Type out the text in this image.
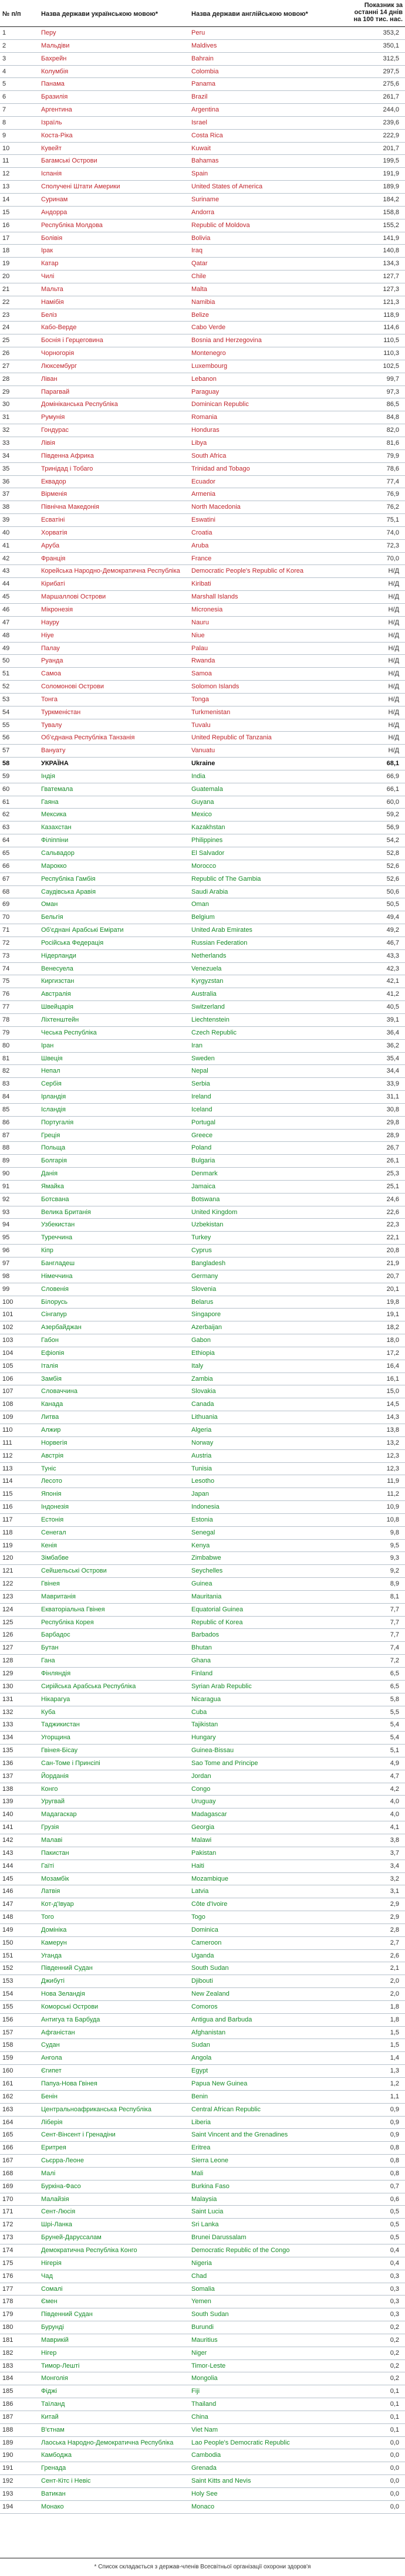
№ п/п	Назва держави українською мовою*	Назва держави англійською мовою*
Показник за останні 14 днів на 100 тис. нас.
1	Перу	Peru	353,2
2	Мальдіви	Maldives	350,1
3	Бахрейн	Bahrain	312,5
4	Колумбія	Colombia	297,5
5	Панама	Panama	275,6
6	Бразилія	Brazil	261,7
7	Аргентина	Argentina	244,0
8	Ізраїль	Israel	239,6
9	Коста-Ріка	Costa Rica	222,9
10	Кувейт	Kuwait	201,7
11	Багамські Острови	Bahamas	199,5
12	Іспанія	Spain	191,9
13	Сполучені Штати Америки	United States of America	189,9
14	Суринам	Suriname	184,2
15	Андорра	Andorra	158,8
16	Республіка Молдова	Republic of Moldova	155,2
17	Болівія	Bolivia	141,9
18	Ірак	Iraq	140,8
19	Катар	Qatar	134,3
20	Чилі	Chile	127,7
21	Мальта	Malta	127,3
22	Намібія	Namibia	121,3
23	Беліз	Belize	118,9
24	Кабо-Верде	Cabo Verde	114,6
25	Боснія і Герцеговина	Bosnia and Herzegovina	110,5
26	Чорногорія	Montenegro	110,3
27	Люксембург	Luxembourg	102,5
28	Ліван	Lebanon	99,7
29	Парагвай	Paraguay	97,3
30	Домініканська Республіка	Dominican Republic	86,5
31	Румунія	Romania	84,8
32	Гондурас	Honduras	82,0
33	Лівія	Libya	81,6
34	Південна Африка	South Africa	79,9
35	Тринідад і Тобаго	Trinidad and Tobago	78,6
36	Еквадор	Ecuador	77,4
37	Вірменія	Armenia	76,9
38	Північна Македонія	North Macedonia	76,2
39	Есватіні	Eswatini	75,1
40	Хорватія	Croatia	74,0
41	Аруба	Aruba	72,3
42	Франція	France	70,0
43	Корейська Народно-Демократична Республіка	Democratic People's Republic of Korea	Н/Д
44	Кірибаті	Kiribati	Н/Д
45	Маршаллові Острови	Marshall Islands	Н/Д
46	Мікронезія	Micronesia	Н/Д
47	Науру	Nauru	Н/Д
48	Ніуе	Niue	Н/Д
49	Палау	Palau	Н/Д
50	Руанда	Rwanda	Н/Д
51	Самоа	Samoa	Н/Д
52	Соломонові Острови	Solomon Islands	Н/Д
53	Тонга	Tonga	Н/Д
54	Туркменістан	Turkmenistan	Н/Д
55	Тувалу	Tuvalu	Н/Д
56	Об'єднана Республіка Танзанія	United Republic of Tanzania	Н/Д
57	Вануату	Vanuatu	Н/Д
58	УКРАЇНА	Ukraine	68,1
59	Індія	India	66,9
60	Гватемала	Guatemala	66,1
61	Гаяна	Guyana	60,0
62	Мексика	Mexico	59,2
63	Казахстан	Kazakhstan	56,9
64	Філіппіни	Philippines	54,2
65	Сальвадор	El Salvador	52,8
66	Марокко	Morocco	52,6
67	Республіка Гамбія	Republic of The Gambia	52,6
68	Саудівська Аравія	Saudi Arabia	50,6
69	Оман	Oman	50,5
70	Бельгія	Belgium	49,4
71	Об'єднані Арабські Емірати	United Arab Emirates	49,2
72	Російська Федерація	Russian Federation	46,7
73	Нідерланди	Netherlands	43,3
74	Венесуела	Venezuela	42,3
75	Киргизстан	Kyrgyzstan	42,1
76	Австралія	Australia	41,2
77	Швейцарія	Switzerland	40,5
78	Ліхтенштейн	Liechtenstein	39,1
79	Чеська Республіка	Czech Republic	36,4
80	Іран	Iran	36,2
81	Швеція	Sweden	35,4
82	Непал	Nepal	34,4
83	Сербія	Serbia	33,9
84	Ірландія	Ireland	31,1
85	Ісландія	Iceland	30,8
86	Португалія	Portugal	29,8
87	Греція	Greece	28,9
88	Польща	Poland	26,7
89	Болгарія	Bulgaria	26,1
90	Данія	Denmark	25,3
91	Ямайка	Jamaica	25,1
92	Ботсвана	Botswana	24,6
93	Велика Британія	United Kingdom	22,6
94	Узбекистан	Uzbekistan	22,3
95	Туреччина	Turkey	22,1
96	Кіпр	Cyprus	20,8
97	Бангладеш	Bangladesh	21,9
98	Німеччина	Germany	20,7
99	Словенія	Slovenia	20,1
100	Білорусь	Belarus	19,8
101	Сінгапур	Singapore	19,1
102	Азербайджан	Azerbaijan	18,2
103	Габон	Gabon	18,0
104	Ефіопія	Ethiopia	17,2
105	Італія	Italy	16,4
106	Замбія	Zambia	16,1
107	Словаччина	Slovakia	15,0
108	Канада	Canada	14,5
109	Литва	Lithuania	14,3
110	Алжир	Algeria	13,8
111	Норвегія	Norway	13,2
112	Австрія	Austria	12,3
113	Туніс	Tunisia	12,3
114	Лесото	Lesotho	11,9
115	Японія	Japan	11,2
116	Індонезія	Indonesia	10,9
117	Естонія	Estonia	10,8
118	Сенегал	Senegal	9,8
119	Кенія	Kenya	9,5
120	Зімбабве	Zimbabwe	9,3
121	Сейшельські Острови	Seychelles	9,2
122	Гвінея	Guinea	8,9
123	Мавританія	Mauritania	8,1
124	Екваторіальна Гвінея	Equatorial Guinea	7,7
125	Республіка Корея	Republic of Korea	7,7
126	Барбадос	Barbados	7,7
127	Бутан	Bhutan	7,4
128	Гана	Ghana	7,2
129	Фінляндія	Finland	6,5
130	Сирійська Арабська Республіка	Syrian Arab Republic	6,5
131	Нікарагуа	Nicaragua	5,8
132	Куба	Cuba	5,5
133	Таджикистан	Tajikistan	5,4
134	Угорщина	Hungary	5,4
135	Гвінея-Бісау	Guinea-Bissau	5,1
136	Сан-Томе і Принсіпі	Sao Tome and Principe	4,9
137	Йорданія	Jordan	4,7
138	Конго	Congo	4,2
139	Уругвай	Uruguay	4,0
140	Мадагаскар	Madagascar	4,0
141	Грузія	Georgia	4,1
142	Малаві	Malawi	3,8
143	Пакистан	Pakistan	3,7
144	Гаїті	Haiti	3,4
145	Мозамбік	Mozambique	3,2
146	Латвія	Latvia	3,1
147	Кот-д'Івуар	Côte d'Ivoire	2,9
148	Того	Togo	2,9
149	Домініка	Dominica	2,8
150	Камерун	Cameroon	2,7
151	Уганда	Uganda	2,6
152	Південний Судан	South Sudan	2,1
153	Джибуті	Djibouti	2,0
154	Нова Зеландія	New Zealand	2,0
155	Коморські Острови	Comoros	1,8
156	Антигуа та Барбуда	Antigua and Barbuda	1,8
157	Афганістан	Afghanistan	1,5
158	Судан	Sudan	1,5
159	Ангола	Angola	1,4
160	Єгипет	Egypt	1,3
161	Папуа-Нова Гвінея	Papua New Guinea	1,2
162	Бенін	Benin	1,1
163	Центральноафриканська Республіка	Central African Republic	0,9
164	Ліберія	Liberia	0,9
165	Сент-Вінсент і Гренадіни	Saint Vincent and the Grenadines	0,9
166	Еритрея	Eritrea	0,8
167	Сьєрра-Леоне	Sierra Leone	0,8
168	Малі	Mali	0,8
169	Буркіна-Фасо	Burkina Faso	0,7
170	Малайзія	Malaysia	0,6
171	Сент-Люсія	Saint Lucia	0,5
172	Шрі-Ланка	Sri Lanka	0,5
173	Бруней-Даруссалам	Brunei Darussalam	0,5
174	Демократична Республіка Конго	Democratic Republic of the Congo	0,4
175	Нігерія	Nigeria	0,4
176	Чад	Chad	0,3
177	Сомалі	Somalia	0,3
178	Ємен	Yemen	0,3
179	Південний Судан	South Sudan	0,3
180	Бурунді	Burundi	0,2
181	Маврикій	Mauritius	0,2
182	Нігер	Niger	0,2
183	Тимор-Лешті	Timor-Leste	0,2
184	Монголія	Mongolia	0,2
185	Фіджі	Fiji	0,1
186	Таїланд	Thailand	0,1
187	Китай	China	0,1
188	В'єтнам	Viet Nam	0,1
189	Лаоська Народно-Демократична Республіка	Lao People's Democratic Republic	0,0
190	Камбоджа	Cambodia	0,0
191	Гренада	Grenada	0,0
192	Сент-Кітс і Невіс	Saint Kitts and Nevis	0,0
193	Ватикан	Holy See	0,0
194	Монако	Monaco	0,0
* Список складається з держав-членів Всесвітньої організації охорони здоров'я
